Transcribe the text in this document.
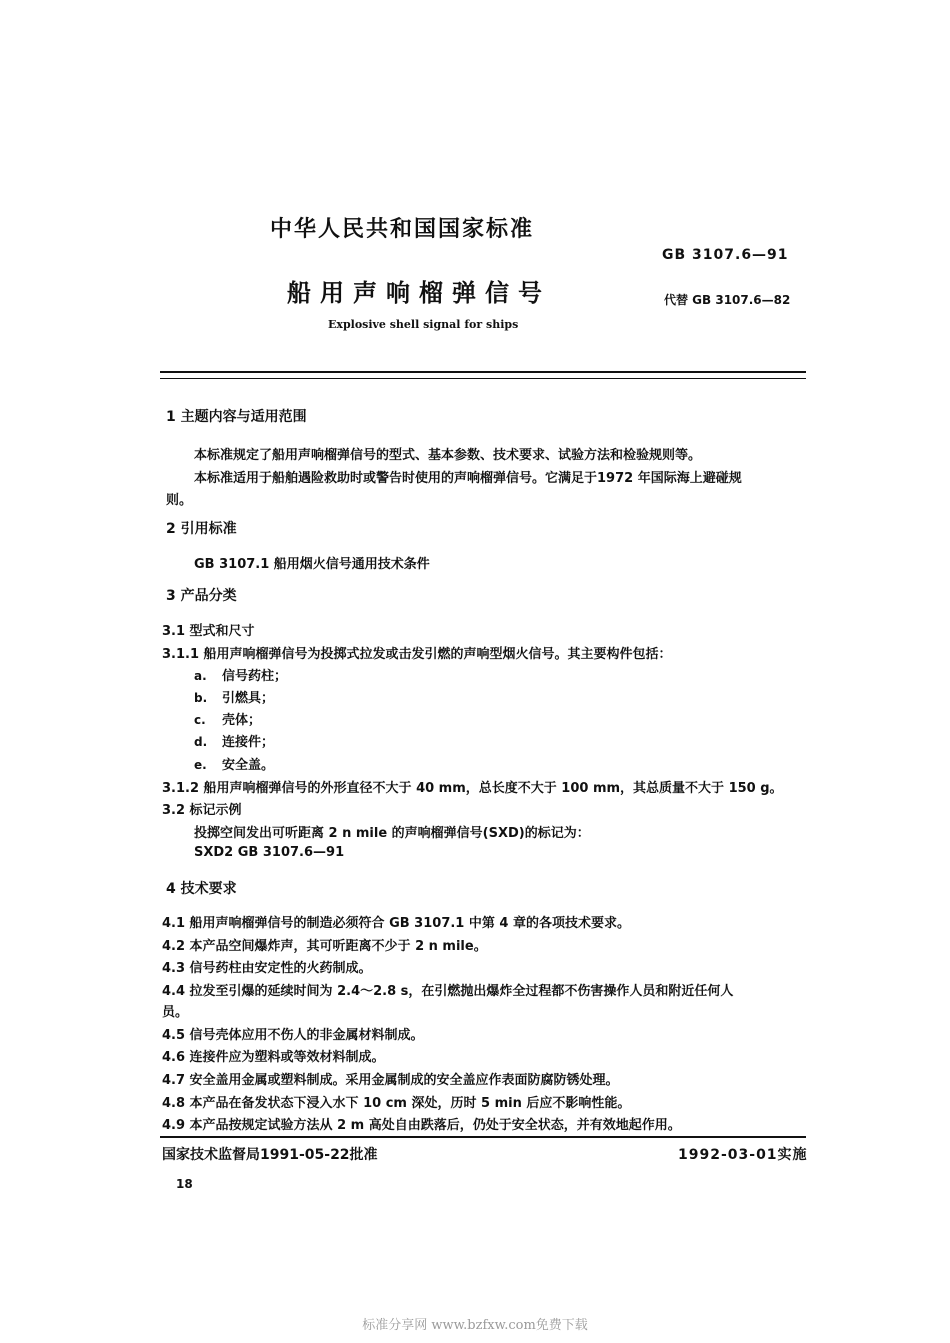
中华人民共和国国家标准
GB 3107.6—91
船用声响榴弹信号	代替 GB 3107.6—82
Explosive shell signal for ships
1 主题内容与适用范围
本标准规定了船用声响榴弹信号的型式、基本参数、技术要求、试验方法和检验规则等。
本标准适用于船舶遇险救助时或警告时使用的声响榴弹信号。它满足于1972 年国际海上避碰规
则。
2 引用标准
GB 3107.1 船用烟火信号通用技术条件
3 产品分类
3.1 型式和尺寸
3.1.1 船用声响榴弹信号为投掷式拉发或击发引燃的声响型烟火信号。其主要构件包括：
a. 信号药柱；
b. 引燃具；
c. 壳体；
d. 连接件；
e. 安全盖。
3.1.2 船用声响榴弹信号的外形直径不大于 40 mm，总长度不大于 100 mm，其总质量不大于 150 g。
3.2 标记示例
投掷空间发出可听距离 2 n mile 的声响榴弹信号(SXD)的标记为：
SXD2 GB 3107.6—91
4 技术要求
4.1 船用声响榴弹信号的制造必须符合 GB 3107.1 中第 4 章的各项技术要求。
4.2 本产品空间爆炸声，其可听距离不少于 2 n mile。
4.3 信号药柱由安定性的火药制成。
4.4 拉发至引爆的延续时间为 2.4～2.8 s，在引燃抛出爆炸全过程都不伤害操作人员和附近任何人
员。
4.5 信号壳体应用不伤人的非金属材料制成。
4.6 连接件应为塑料或等效材料制成。
4.7 安全盖用金属或塑料制成。采用金属制成的安全盖应作表面防腐防锈处理。
4.8 本产品在备发状态下浸入水下 10 cm 深处，历时 5 min 后应不影响性能。
4.9 本产品按规定试验方法从 2 m 高处自由跌落后，仍处于安全状态，并有效地起作用。
国家技术监督局1991-05-22批准	1992-03-01实施
18
标准分享网 www.bzfxw.com免费下载
